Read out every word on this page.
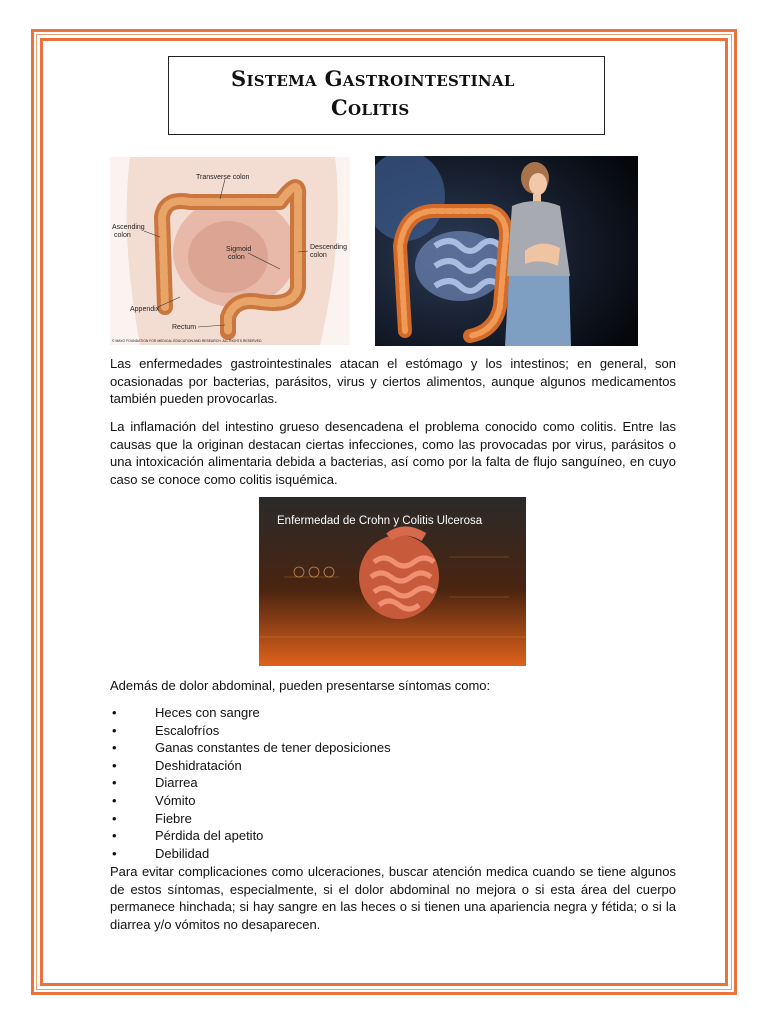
Sistema Gastrointestinal
Colitis
Transverse colon
Ascending
colon
Sigmoid
colon
Descending
colon
Appendix
Rectum
© MAYO FOUNDATION FOR MEDICAL EDUCATION AND RESEARCH. ALL RIGHTS RESERVED.

Las enfermedades gastrointestinales atacan el estómago y los intestinos; en general, son ocasionadas por bacterias, parásitos, virus y ciertos alimentos, aunque algunos medicamentos también pueden provocarlas.

La inflamación del intestino grueso desencadena el problema conocido como colitis. Entre las causas que la originan destacan ciertas infecciones, como las provocadas por virus, parásitos o una intoxicación alimentaria debida a bacterias, así como por la falta de flujo sanguíneo, en cuyo caso se conoce como colitis isquémica.

Enfermedad de Crohn y Colitis Ulcerosa

Además de dolor abdominal, pueden presentarse síntomas como:

•	Heces con sangre
•	Escalofríos
•	Ganas constantes de tener deposiciones
•	Deshidratación
•	Diarrea
•	Vómito
•	Fiebre
•	Pérdida del apetito
•	Debilidad

Para evitar complicaciones como ulceraciones, buscar atención medica cuando se tiene algunos de estos síntomas, especialmente, si el dolor abdominal no mejora o si esta área del cuerpo permanece hinchada; si hay sangre en las heces o si tienen una apariencia negra y fétida; o si la diarrea y/o vómitos no desaparecen.
